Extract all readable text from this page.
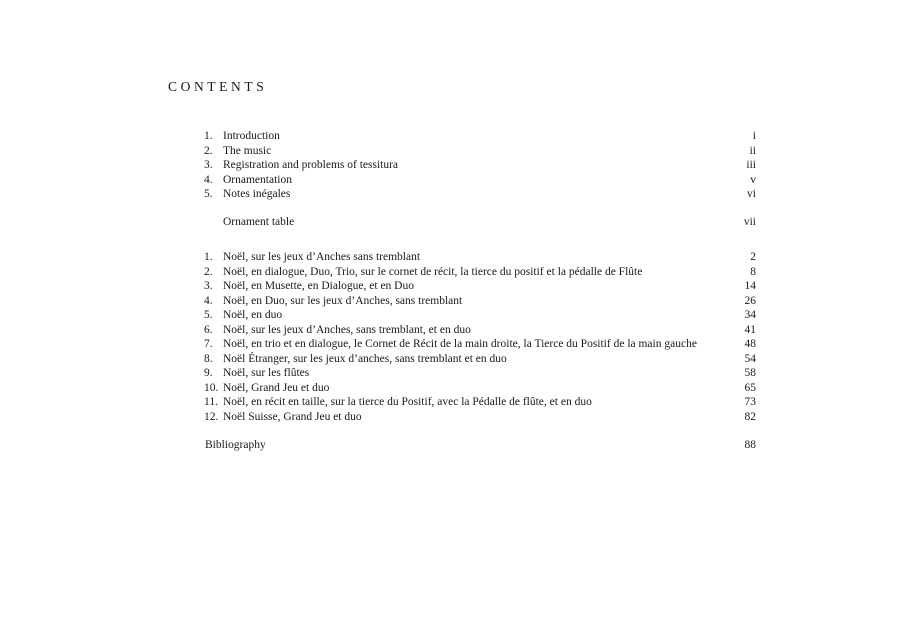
CONTENTS
1. Introduction	i
2. The music	ii
3. Registration and problems of tessitura	iii
4. Ornamentation	v
5. Notes inégales	vi
Ornament table	vii
1. Noël, sur les jeux d’Anches sans tremblant	2
2. Noël, en dialogue, Duo, Trio, sur le cornet de récit, la tierce du positif et la pédalle de Flûte	8
3. Noël, en Musette, en Dialogue, et en Duo	14
4. Noël, en Duo, sur les jeux d’Anches, sans tremblant	26
5. Noël, en duo	34
6. Noël, sur les jeux d’Anches, sans tremblant, et en duo	41
7. Noël, en trio et en dialogue, le Cornet de Récit de la main droite, la Tierce du Positif de la main gauche	48
8. Noël Étranger, sur les jeux d’anches, sans tremblant et en duo	54
9. Noël, sur les flûtes	58
10. Noël, Grand Jeu et duo	65
11. Noël, en récit en taille, sur la tierce du Positif, avec la Pédalle de flûte, et en duo	73
12. Noël Suisse, Grand Jeu et duo	82
Bibliography	88
